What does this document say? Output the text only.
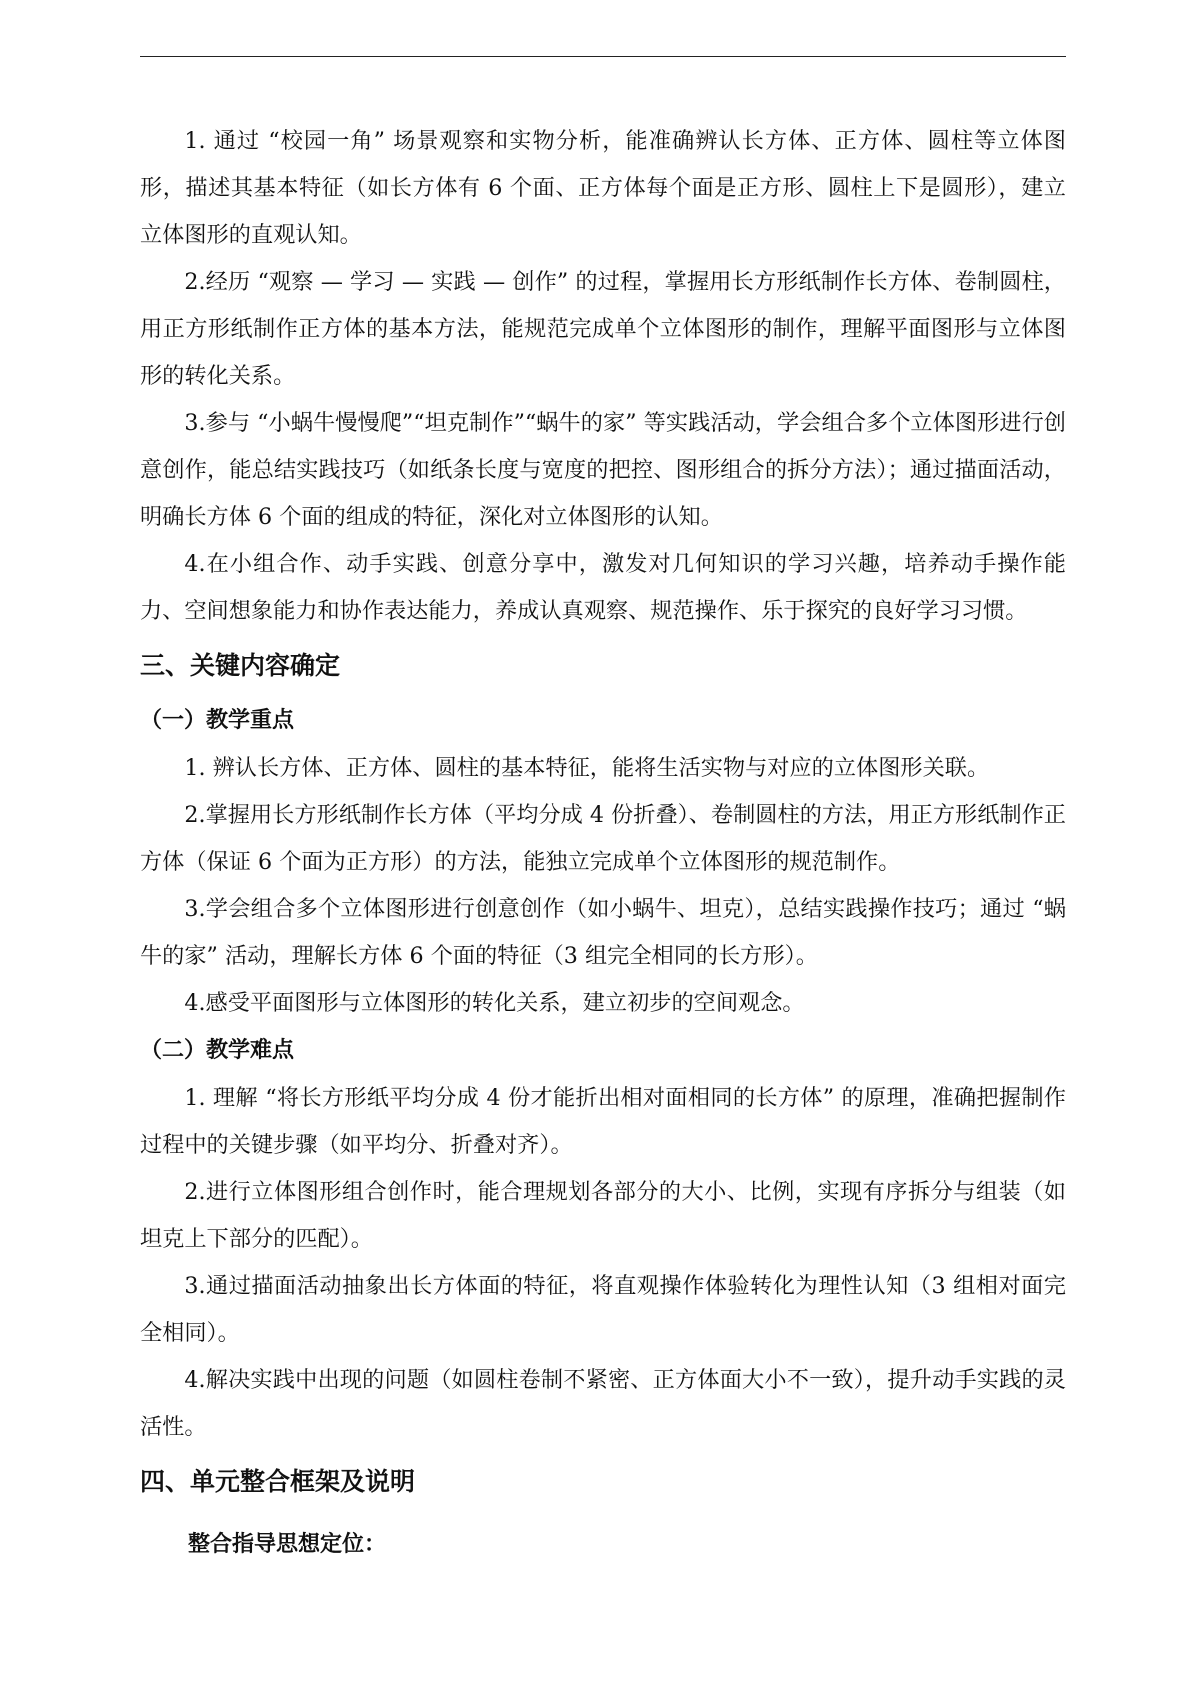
1. 通过 “校园一角” 场景观察和实物分析，能准确辨认长方体、正方体、圆柱等立体图形，描述其基本特征（如长方体有 6 个面、正方体每个面是正方形、圆柱上下是圆形），建立立体图形的直观认知。

2.经历 “观察 — 学习 — 实践 — 创作” 的过程，掌握用长方形纸制作长方体、卷制圆柱，用正方形纸制作正方体的基本方法，能规范完成单个立体图形的制作，理解平面图形与立体图形的转化关系。

3.参与 “小蜗牛慢慢爬”“坦克制作”“蜗牛的家” 等实践活动，学会组合多个立体图形进行创意创作，能总结实践技巧（如纸条长度与宽度的把控、图形组合的拆分方法）；通过描面活动，明确长方体 6 个面的组成的特征，深化对立体图形的认知。

4.在小组合作、动手实践、创意分享中，激发对几何知识的学习兴趣，培养动手操作能力、空间想象能力和协作表达能力，养成认真观察、规范操作、乐于探究的良好学习习惯。

三、关键内容确定
（一）教学重点

1. 辨认长方体、正方体、圆柱的基本特征，能将生活实物与对应的立体图形关联。

2.掌握用长方形纸制作长方体（平均分成 4 份折叠）、卷制圆柱的方法，用正方形纸制作正方体（保证 6 个面为正方形）的方法，能独立完成单个立体图形的规范制作。

3.学会组合多个立体图形进行创意创作（如小蜗牛、坦克），总结实践操作技巧；通过 “蜗牛的家” 活动，理解长方体 6 个面的特征（3 组完全相同的长方形）。

4.感受平面图形与立体图形的转化关系，建立初步的空间观念。

（二）教学难点

1. 理解 “将长方形纸平均分成 4 份才能折出相对面相同的长方体” 的原理，准确把握制作过程中的关键步骤（如平均分、折叠对齐）。

2.进行立体图形组合创作时，能合理规划各部分的大小、比例，实现有序拆分与组装（如坦克上下部分的匹配）。

3.通过描面活动抽象出长方体面的特征，将直观操作体验转化为理性认知（3 组相对面完全相同）。

4.解决实践中出现的问题（如圆柱卷制不紧密、正方体面大小不一致），提升动手实践的灵活性。

四、单元整合框架及说明
整合指导思想定位：
